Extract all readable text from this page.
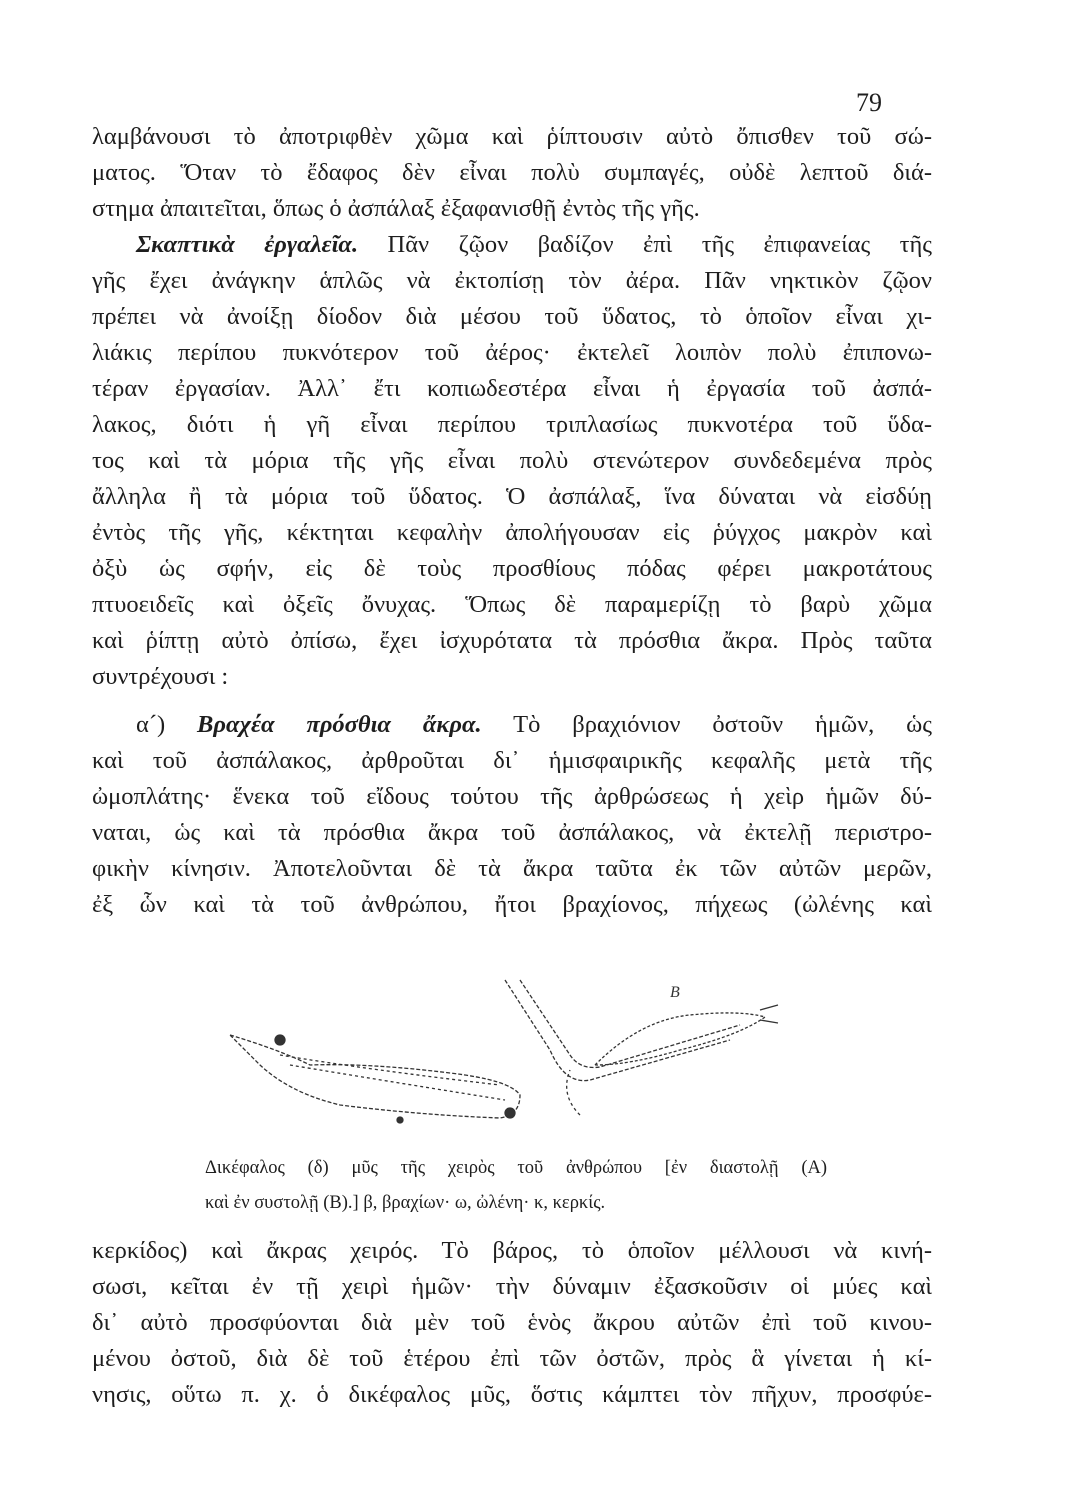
79
λαμβάνουσι τὸ ἀποτριφθὲν χῶμα καὶ ῥίπτουσιν αὐτὸ ὄπισθεν τοῦ σώ-
ματος. Ὅταν τὸ ἔδαφος δὲν εἶναι πολὺ συμπαγές, οὐδὲ λεπτοῦ διά-
στημα ἀπαιτεῖται, ὅπως ὁ ἀσπάλαξ ἐξαφανισθῇ ἐντὸς τῆς γῆς.
Σκαπτικὰ ἐργαλεῖα. Πᾶν ζῷον βαδίζον ἐπὶ τῆς ἐπιφανείας τῆς
γῆς ἔχει ἀνάγκην ἁπλῶς νὰ ἐκτοπίσῃ τὸν ἀέρα. Πᾶν νηκτικὸν ζῷον
πρέπει νὰ ἀνοίξῃ δίοδον διὰ μέσου τοῦ ὕδατος, τὸ ὁποῖον εἶναι χι-
λιάκις περίπου πυκνότερον τοῦ ἀέρος· ἐκτελεῖ λοιπὸν πολὺ ἐπιπονω-
τέραν ἐργασίαν. Ἀλλ᾽ ἔτι κοπιωδεστέρα εἶναι ἡ ἐργασία τοῦ ἀσπά-
λακος, διότι ἡ γῆ εἶναι περίπου τριπλασίως πυκνοτέρα τοῦ ὕδα-
τος καὶ τὰ μόρια τῆς γῆς εἶναι πολὺ στενώτερον συνδεδεμένα πρὸς
ἄλληλα ἢ τὰ μόρια τοῦ ὕδατος. Ὁ ἀσπάλαξ, ἵνα δύναται νὰ εἰσδύῃ
ἐντὸς τῆς γῆς, κέκτηται κεφαλὴν ἀπολήγουσαν εἰς ῥύγχος μακρὸν καὶ
ὀξὺ ὡς σφήν, εἰς δὲ τοὺς προσθίους πόδας φέρει μακροτάτους
πτυοειδεῖς καὶ ὀξεῖς ὄνυχας. Ὅπως δὲ παραμερίζῃ τὸ βαρὺ χῶμα
καὶ ῥίπτῃ αὐτὸ ὀπίσω, ἔχει ἰσχυρότατα τὰ πρόσθια ἄκρα. Πρὸς ταῦτα
συντρέχουσι :
α´) Βραχέα πρόσθια ἄκρα. Τὸ βραχιόνιον ὀστοῦν ἡμῶν, ὡς
καὶ τοῦ ἀσπάλακος, ἀρθροῦται δι᾽ ἡμισφαιρικῆς κεφαλῆς μετὰ τῆς
ὠμοπλάτης· ἕνεκα τοῦ εἴδους τούτου τῆς ἀρθρώσεως ἡ χεὶρ ἡμῶν δύ-
ναται, ὡς καὶ τὰ πρόσθια ἄκρα τοῦ ἀσπάλακος, νὰ ἐκτελῇ περιστρο-
φικὴν κίνησιν. Ἀποτελοῦνται δὲ τὰ ἄκρα ταῦτα ἐκ τῶν αὐτῶν μερῶν,
ἐξ ὧν καὶ τὰ τοῦ ἀνθρώπου, ἤτοι βραχίονος, πήχεως (ὠλένης καὶ
B
Δικέφαλος (δ) μῦς τῆς χειρὸς τοῦ ἀνθρώπου [ἐν διαστολῇ (A)
καὶ ἐν συστολῇ (B).] β, βραχίων· ω, ὠλένη· κ, κερκίς.
κερκίδος) καὶ ἄκρας χειρός. Τὸ βάρος, τὸ ὁποῖον μέλλουσι νὰ κινή-
σωσι, κεῖται ἐν τῇ χειρὶ ἡμῶν· τὴν δύναμιν ἐξασκοῦσιν οἱ μύες καὶ
δι᾽ αὐτὸ προσφύονται διὰ μὲν τοῦ ἑνὸς ἄκρου αὐτῶν ἐπὶ τοῦ κινου-
μένου ὀστοῦ, διὰ δὲ τοῦ ἑτέρου ἐπὶ τῶν ὀστῶν, πρὸς ἃ γίνεται ἡ κί-
νησις, οὕτω π. χ. ὁ δικέφαλος μῦς, ὅστις κάμπτει τὸν πῆχυν, προσφύε-
